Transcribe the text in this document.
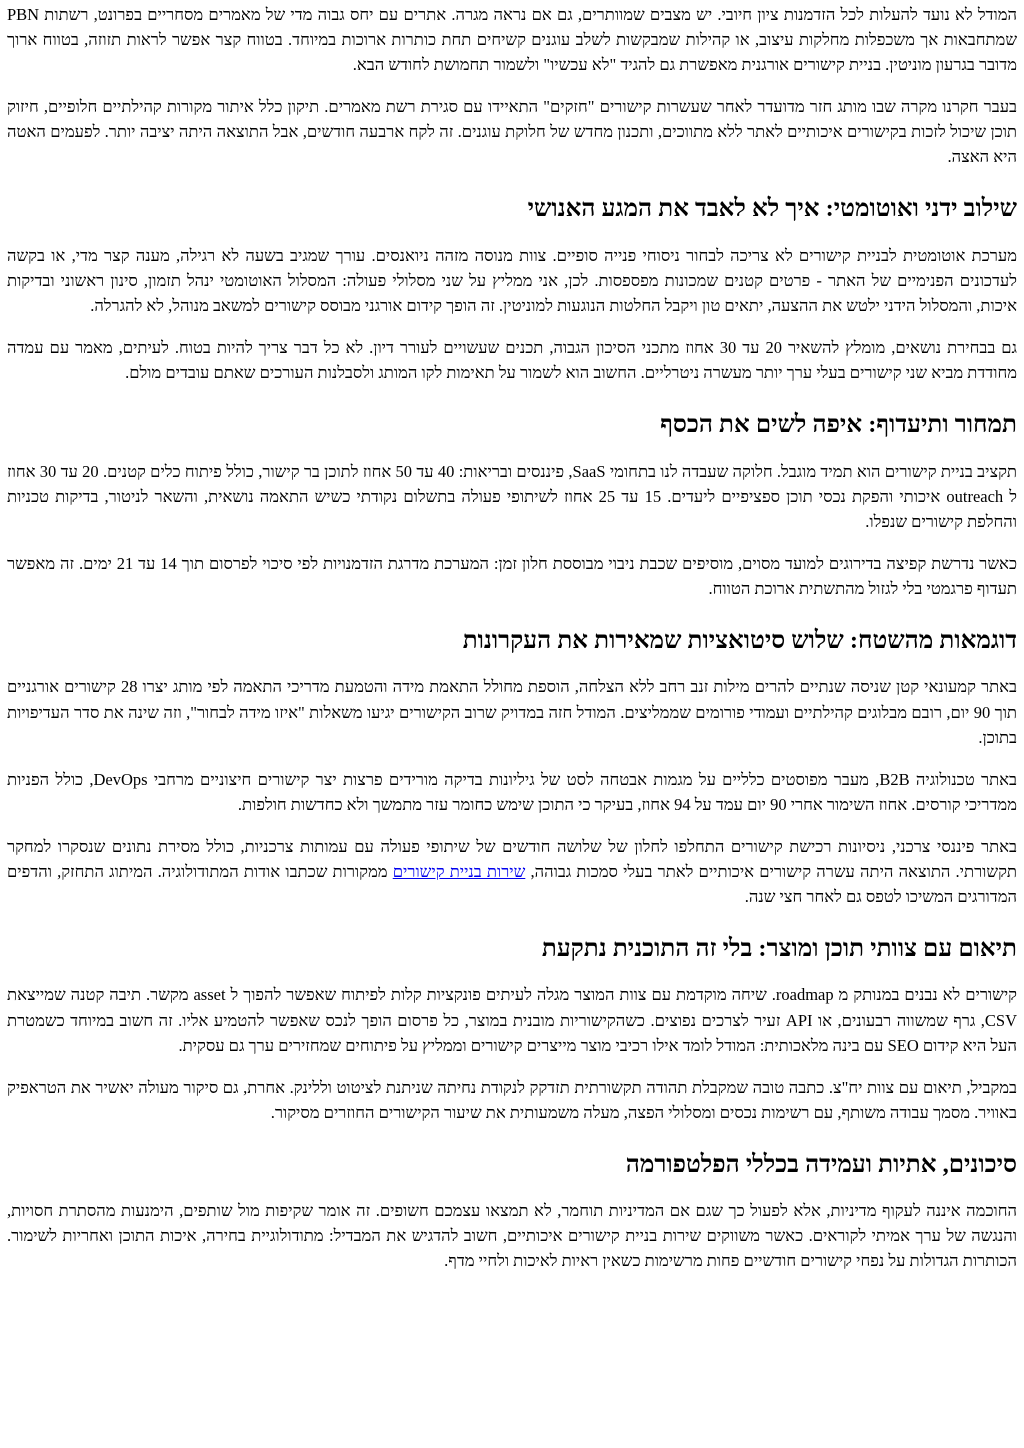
המודל לא נועד להעלות לכל הזדמנות ציון חיובי. יש מצבים שמוותרים, גם אם נראה מגרה. אתרים עם יחס גבוה מדי של מאמרים מסחריים בפרונט, רשתות PBN שמתחבאות אך משכפלות מחלקות עיצוב, או קהילות שמבקשות לשלב עוגנים קשיחים תחת כותרות ארוכות במיוחד. בטווח קצר אפשר לראות תזוזה, בטווח ארוך מדובר בגרעון מוניטין. בניית קישורים אורגנית מאפשרת גם להגיד "לא עכשיו" ולשמור תחמושת לחודש הבא.

בעבר חקרנו מקרה שבו מותג חזר מדועדר לאחר שעשרות קישורים "חזקים" התאיידו עם סגירת רשת מאמרים. תיקון כלל איתור מקורות קהילתיים חלופיים, חיזוק תוכן שיכול לזכות בקישורים איכותיים לאתר ללא מתווכים, ותכנון מחדש של חלוקת עוגנים. זה לקח ארבעה חודשים, אבל התוצאה היתה יציבה יותר. לפעמים האטה היא האצה.

שילוב ידני ואוטומטי: איך לא לאבד את המגע האנושי

מערכת אוטומטית לבניית קישורים לא צריכה לבחור ניסוחי פנייה סופיים. צוות מנוסה מזהה ניואנסים. עורך שמגיב בשעה לא רגילה, מענה קצר מדי, או בקשה לעדכונים הפנימיים של האתר - פרטים קטנים שמכונות מפספסות. לכן, אני ממליץ על שני מסלולי פעולה: המסלול האוטומטי ינהל תזמון, סינון ראשוני ובדיקות איכות, והמסלול הידני ילטש את ההצעה, יתאים טון ויקבל החלטות הנוגעות למוניטין. זה הופך קידום אורגני מבוסס קישורים למשאב מנוהל, לא להגרלה.

גם בבחירת נושאים, מומלץ להשאיר 20 עד 30 אחוז מתכני הסיכון הגבוה, תכנים שעשויים לעורר דיון. לא כל דבר צריך להיות בטוח. לעיתים, מאמר עם עמדה מחודדת מביא שני קישורים בעלי ערך יותר מעשרה ניטרליים. החשוב הוא לשמור על תאימות לקו המותג ולסבלנות העורכים שאתם עובדים מולם.

תמחור ותיעדוף: איפה לשים את הכסף

תקציב בניית קישורים הוא תמיד מוגבל. חלוקה שעבדה לנו בתחומי SaaS, פיננסים ובריאות: 40 עד 50 אחוז לתוכן בר קישור, כולל פיתוח כלים קטנים. 20 עד 30 אחוז ל outreach איכותי והפקת נכסי תוכן ספציפיים ליעדים. 15 עד 25 אחוז לשיתופי פעולה בתשלום נקודתי כשיש התאמה נושאית, והשאר לניטור, בדיקות טכניות והחלפת קישורים שנפלו.

כאשר נדרשת קפיצה בדירוגים למועד מסוים, מוסיפים שכבת ניבוי מבוססת חלון זמן: המערכת מדרגת הזדמנויות לפי סיכוי לפרסום תוך 14 עד 21 ימים. זה מאפשר תעדוף פרגמטי בלי לגזול מהתשתית ארוכת הטווח.

דוגמאות מהשטח: שלוש סיטואציות שמאירות את העקרונות

באתר קמעונאי קטן שניסה שנתיים להרים מילות זנב רחב ללא הצלחה, הוספת מחולל התאמת מידה והטמעת מדריכי התאמה לפי מותג יצרו 28 קישורים אורגניים תוך 90 יום, רובם מבלוגים קהילתיים ועמודי פורומים שממליצים. המודל חזה במדויק שרוב הקישורים יגיעו משאלות "איזו מידה לבחור", וזה שינה את סדר העדיפויות בתוכן.

באתר טכנולוגיה B2B, מעבר מפוסטים כלליים על מגמות אבטחה לסט של גיליונות בדיקה מורידים פרצות יצר קישורים חיצוניים מרחבי DevOps, כולל הפניות ממדריכי קורסים. אחוז השימור אחרי 90 יום עמד על 94 אחוז, בעיקר כי התוכן שימש כחומר עזר מתמשך ולא כחדשות חולפות.

באתר פיננסי צרכני, ניסיונות רכישת קישורים התחלפו לחלון של שלושה חודשים של שיתופי פעולה עם עמותות צרכניות, כולל מסירת נתונים שנסקרו למחקר תקשורתי. התוצאה היתה עשרה קישורים איכותיים לאתר בעלי סמכות גבוהה, שירות בניית קישורים ממקורות שכתבו אודות המתודולוגיה. המיתוג התחזק, והדפים המדורגים המשיכו לטפס גם לאחר חצי שנה.

תיאום עם צוותי תוכן ומוצר: בלי זה התוכנית נתקעת

קישורים לא נבנים במנותק מ roadmap. שיחה מוקדמת עם צוות המוצר מגלה לעיתים פונקציות קלות לפיתוח שאפשר להפוך ל asset מקשר. תיבה קטנה שמייצאת CSV, גרף שמשווה רבעונים, או API זעיר לצרכים נפוצים. כשהקישוריות מובנית במוצר, כל פרסום הופך לנכס שאפשר להטמיע אליו. זה חשוב במיוחד כשמטרת העל היא קידום SEO עם בינה מלאכותית: המודל לומד אילו רכיבי מוצר מייצרים קישורים וממליץ על פיתוחים שמחזירים ערך גם עסקית.

במקביל, תיאום עם צוות יח"צ. כתבה טובה שמקבלת תהודה תקשורתית תזדקק לנקודת נחיתה שניתנת לציטוט וללינק. אחרת, גם סיקור מעולה יאשיר את הטראפיק באוויר. מסמך עבודה משותף, עם רשימות נכסים ומסלולי הפצה, מעלה משמעותית את שיעור הקישורים החוזרים מסיקור.

סיכונים, אתיות ועמידה בכללי הפלטפורמה

החוכמה איננה לעקוף מדיניות, אלא לפעול כך שגם אם המדיניות תוחמר, לא תמצאו עצמכם חשופים. זה אומר שקיפות מול שותפים, הימנעות מהסתרת חסויות, והנגשה של ערך אמיתי לקוראים. כאשר משווקים שירות בניית קישורים איכותיים, חשוב להדגיש את המבדיל: מתודולוגיית בחירה, איכות התוכן ואחריות לשימור. הכותרות הגדולות על נפחי קישורים חודשיים פחות מרשימות כשאין ראיות לאיכות ולחיי מדף.
